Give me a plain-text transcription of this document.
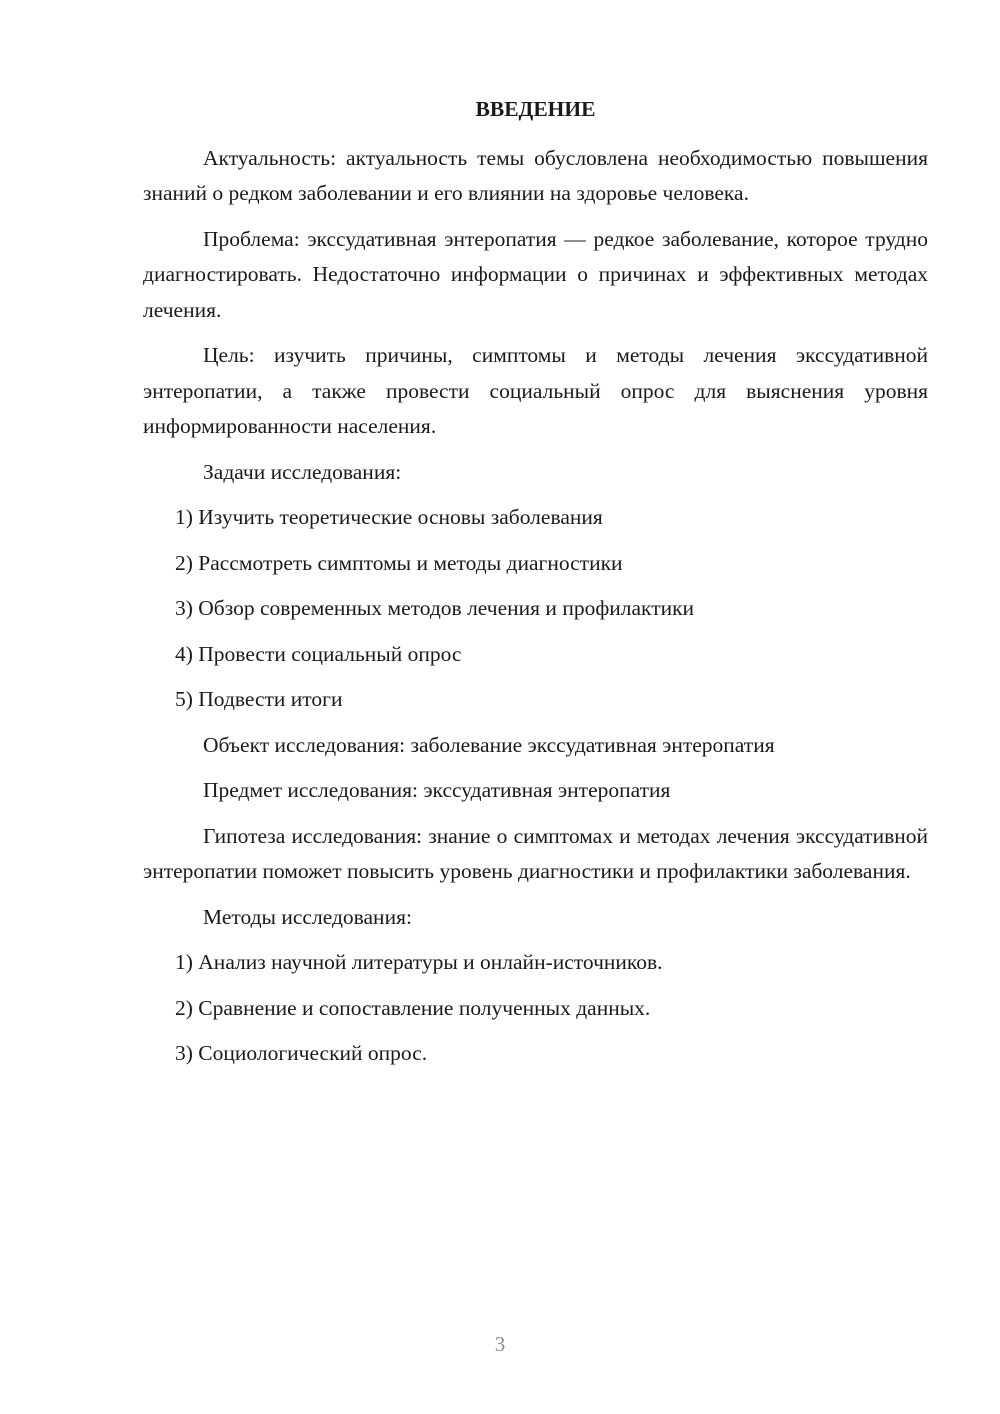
ВВЕДЕНИЕ

Актуальность: актуальность темы обусловлена необходимостью повышения знаний о редком заболевании и его влиянии на здоровье человека.

Проблема: экссудативная энтеропатия — редкое заболевание, которое трудно диагностировать. Недостаточно информации о причинах и эффективных методах лечения.

Цель: изучить причины, симптомы и методы лечения экссудативной энтеропатии, а также провести социальный опрос для выяснения уровня информированности населения.

Задачи исследования:
1) Изучить теоретические основы заболевания
2) Рассмотреть симптомы и методы диагностики
3) Обзор современных методов лечения и профилактики
4) Провести социальный опрос
5) Подвести итоги
Объект исследования: заболевание экссудативная энтеропатия
Предмет исследования: экссудативная энтеропатия

Гипотеза исследования: знание о симптомах и методах лечения экссудативной энтеропатии поможет повысить уровень диагностики и профилактики заболевания.

Методы исследования:
1) Анализ научной литературы и онлайн-источников.
2) Сравнение и сопоставление полученных данных.
3) Социологический опрос.
3
